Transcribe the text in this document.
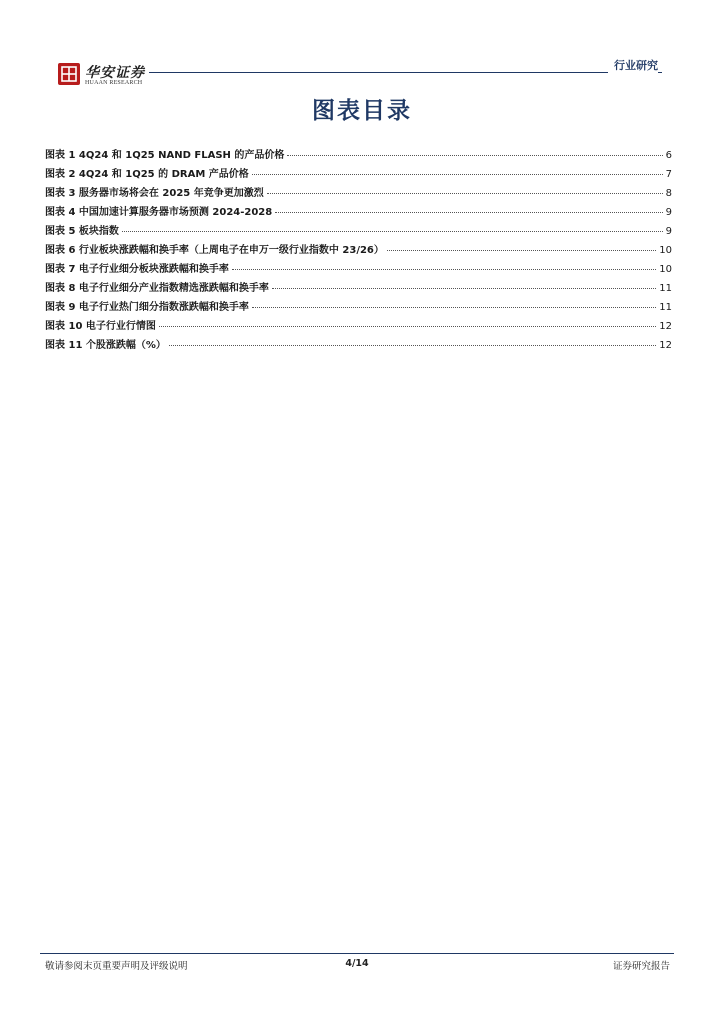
华安证券
HUAAN RESEARCH
行业研究
图表目录
图表 1 4Q24 和 1Q25 NAND FLASH 的产品价格	6
图表 2 4Q24 和 1Q25 的 DRAM 产品价格	7
图表 3 服务器市场将会在 2025 年竞争更加激烈	8
图表 4 中国加速计算服务器市场预测 2024-2028	9
图表 5 板块指数	9
图表 6 行业板块涨跌幅和换手率（上周电子在申万一级行业指数中 23/26）	10
图表 7 电子行业细分板块涨跌幅和换手率	10
图表 8 电子行业细分产业指数精选涨跌幅和换手率	11
图表 9 电子行业热门细分指数涨跌幅和换手率	11
图表 10 电子行业行情图	12
图表 11 个股涨跌幅（%）	12
敬请参阅末页重要声明及评级说明	4/14	证券研究报告
